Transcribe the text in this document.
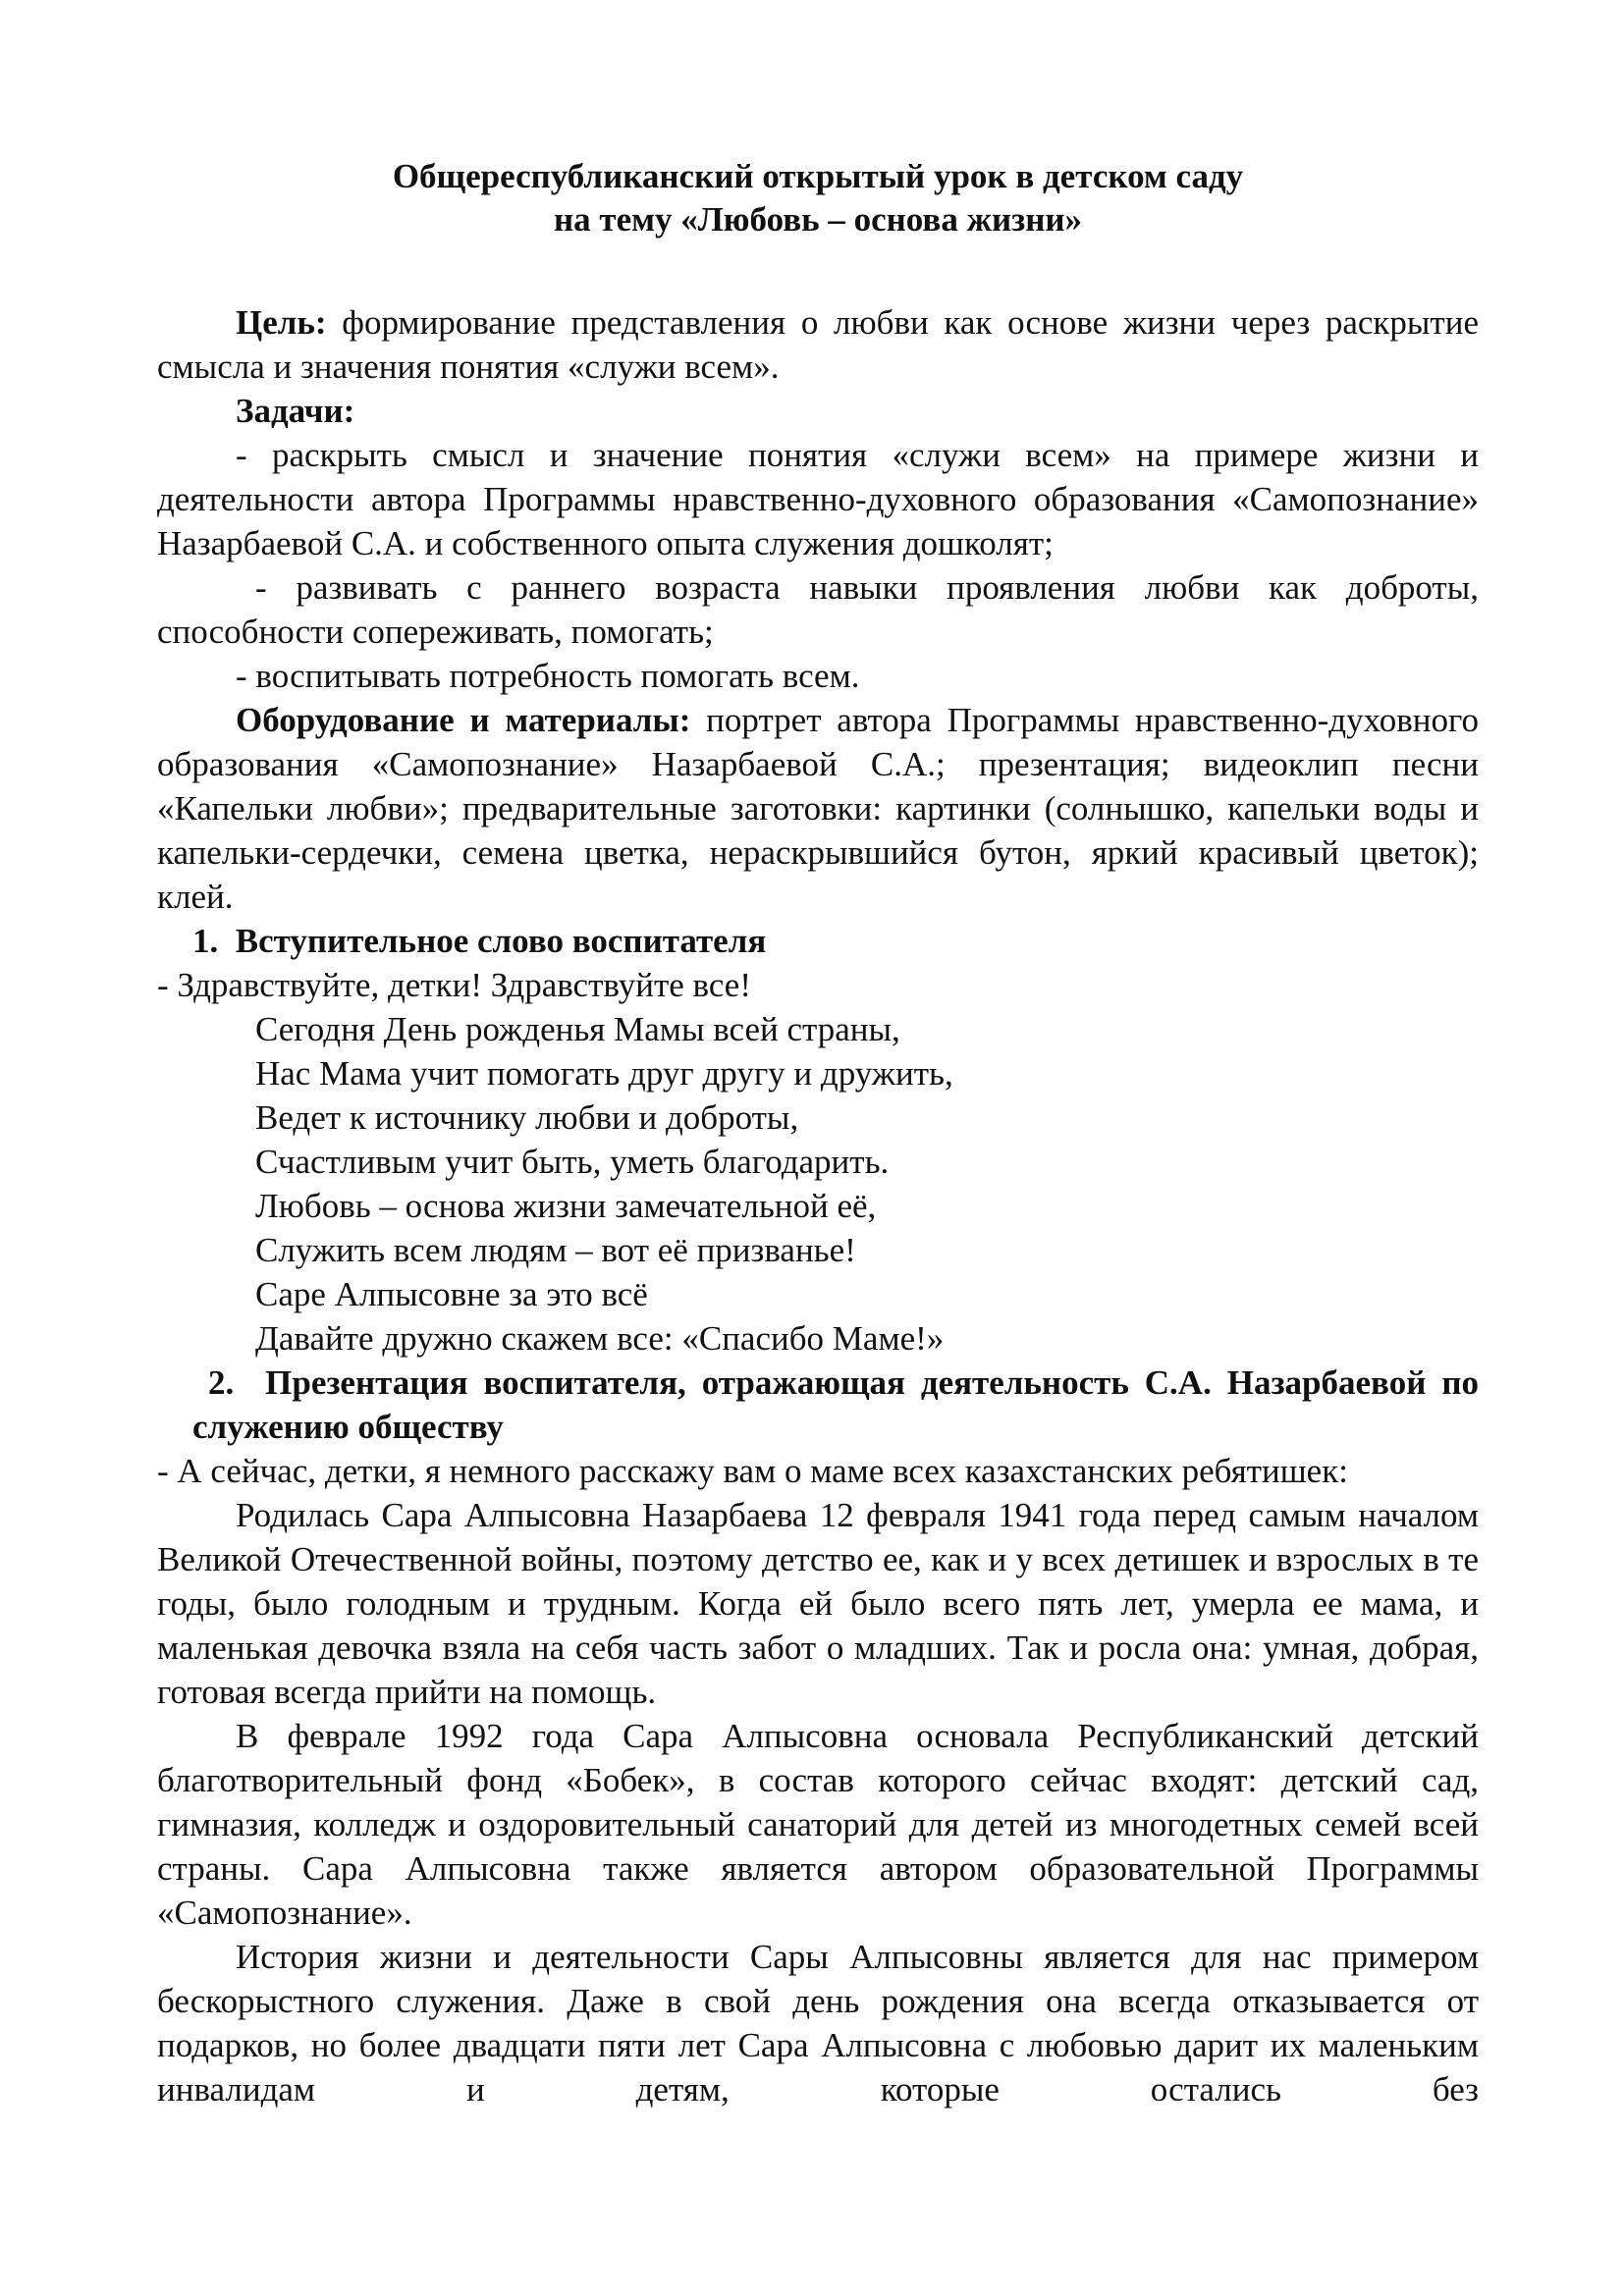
Общереспубликанский открытый урок в детском саду
на тему «Любовь – основа жизни»

Цель: формирование представления о любви как основе жизни через раскрытие смысла и значения понятия «служи всем».

Задачи:

- раскрыть смысл и значение понятия «служи всем» на примере жизни и деятельности автора Программы нравственно-духовного образования «Самопознание» Назарбаевой С.А. и собственного опыта служения дошколят;

- развивать с раннего возраста навыки проявления любви как доброты, способности сопереживать, помогать;

- воспитывать потребность помогать всем.

Оборудование и материалы: портрет автора Программы нравственно-духовного образования «Самопознание» Назарбаевой С.А.; презентация; видеоклип песни «Капельки любви»; предварительные заготовки: картинки (солнышко, капельки воды и капельки-сердечки, семена цветка, нераскрывшийся бутон, яркий красивый цветок); клей.

1. Вступительное слово воспитателя

- Здравствуйте, детки! Здравствуйте все!

Сегодня День рожденья Мамы всей страны,

Нас Мама учит помогать друг другу и дружить,

Ведет к источнику любви и доброты,

Счастливым учит быть, уметь благодарить.

Любовь – основа жизни замечательной её,

Служить всем людям – вот её призванье!

Саре Алпысовне за это всё

Давайте дружно скажем все: «Спасибо Маме!»

2. Презентация воспитателя, отражающая деятельность С.А. Назарбаевой по служению обществу

- А сейчас, детки, я немного расскажу вам о маме всех казахстанских ребятишек:

Родилась Сара Алпысовна Назарбаева 12 февраля 1941 года перед самым началом Великой Отечественной войны, поэтому детство ее, как и у всех детишек и взрослых в те годы, было голодным и трудным. Когда ей было всего пять лет, умерла ее мама, и маленькая девочка взяла на себя часть забот о младших. Так и росла она: умная, добрая, готовая всегда прийти на помощь.

В феврале 1992 года Сара Алпысовна основала Республиканский детский благотворительный фонд «Бобек», в состав которого сейчас входят: детский сад, гимназия, колледж и оздоровительный санаторий для детей из многодетных семей всей страны. Сара Алпысовна также является автором образовательной Программы «Самопознание».

История жизни и деятельности Сары Алпысовны является для нас примером бескорыстного служения. Даже в свой день рождения она всегда отказывается от подарков, но более двадцати пяти лет Сара Алпысовна с любовью дарит их маленьким инвалидам и детям, которые остались без
